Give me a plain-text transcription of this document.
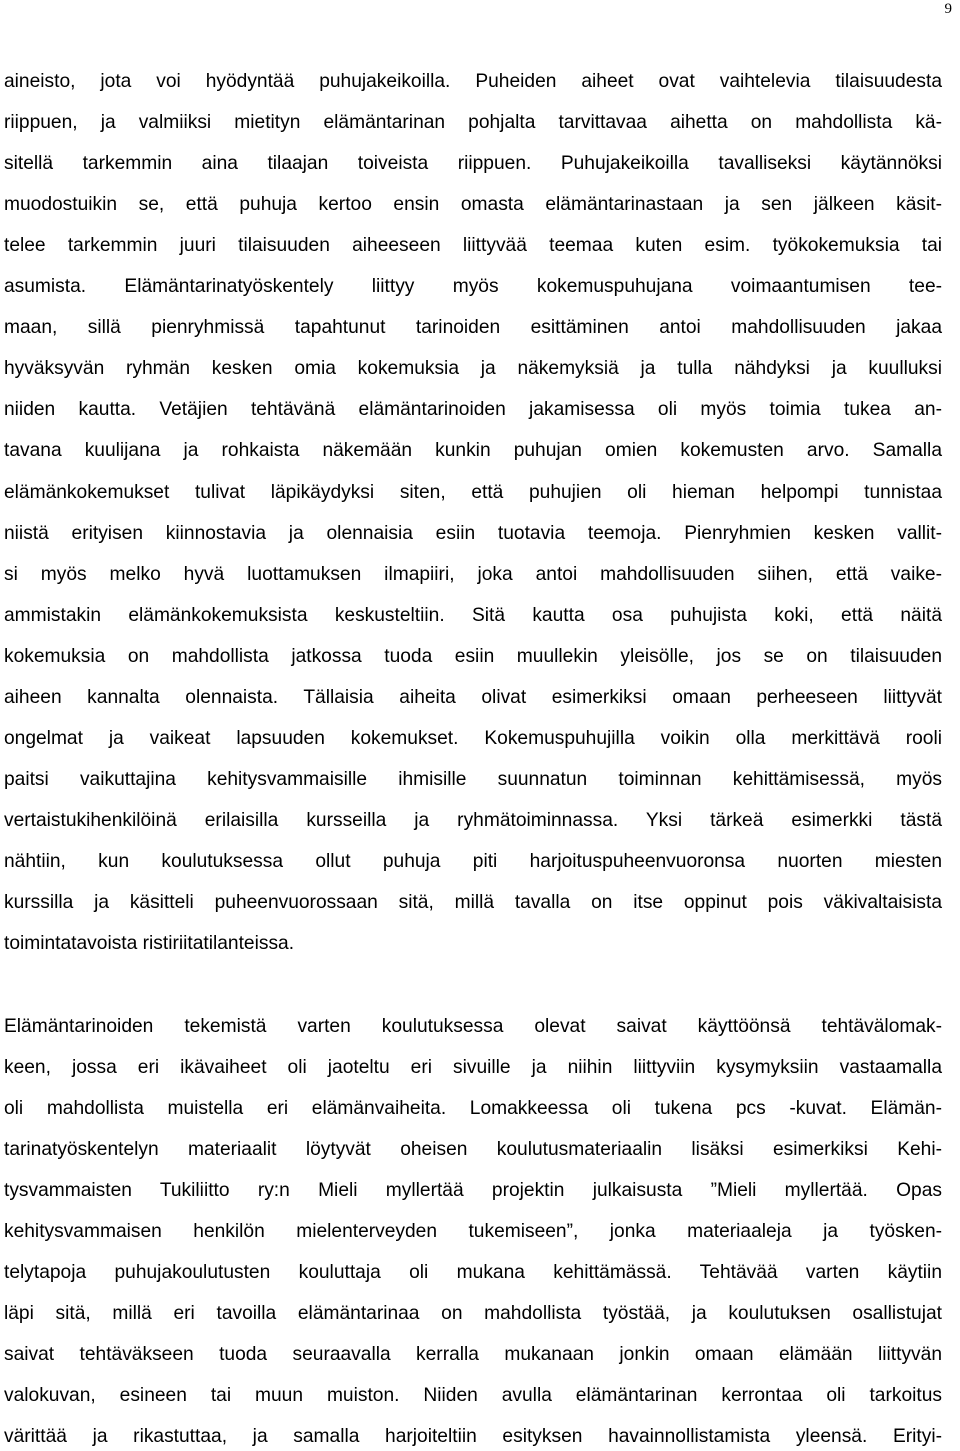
9
aineisto, jota voi hyödyntää puhujakeikoilla. Puheiden aiheet ovat vaihtelevia tilaisuudesta
riippuen, ja valmiiksi mietityn elämäntarinan pohjalta tarvittavaa aihetta on mahdollista kä-
sitellä tarkemmin aina tilaajan toiveista riippuen. Puhujakeikoilla tavalliseksi käytännöksi
muodostuikin se, että puhuja kertoo ensin omasta elämäntarinastaan ja sen jälkeen käsit-
telee tarkemmin juuri tilaisuuden aiheeseen liittyvää teemaa kuten esim. työkokemuksia tai
asumista. Elämäntarinatyöskentely liittyy myös kokemuspuhujana voimaantumisen tee-
maan, sillä pienryhmissä tapahtunut tarinoiden esittäminen antoi mahdollisuuden jakaa
hyväksyvän ryhmän kesken omia kokemuksia ja näkemyksiä ja tulla nähdyksi ja kuulluksi
niiden kautta. Vetäjien tehtävänä elämäntarinoiden jakamisessa oli myös toimia tukea an-
tavana kuulijana ja rohkaista näkemään kunkin puhujan omien kokemusten arvo. Samalla
elämänkokemukset tulivat läpikäydyksi siten, että puhujien oli hieman helpompi tunnistaa
niistä erityisen kiinnostavia ja olennaisia esiin tuotavia teemoja. Pienryhmien kesken vallit-
si myös melko hyvä luottamuksen ilmapiiri, joka antoi mahdollisuuden siihen, että vaike-
ammistakin elämänkokemuksista keskusteltiin. Sitä kautta osa puhujista koki, että näitä
kokemuksia on mahdollista jatkossa tuoda esiin muullekin yleisölle, jos se on tilaisuuden
aiheen kannalta olennaista. Tällaisia aiheita olivat esimerkiksi omaan perheeseen liittyvät
ongelmat ja vaikeat lapsuuden kokemukset. Kokemuspuhujilla voikin olla merkittävä rooli
paitsi vaikuttajina kehitysvammaisille ihmisille suunnatun toiminnan kehittämisessä, myös
vertaistukihenkilöinä erilaisilla kursseilla ja ryhmätoiminnassa. Yksi tärkeä esimerkki tästä
nähtiin, kun koulutuksessa ollut puhuja piti harjoituspuheenvuoronsa nuorten miesten
kurssilla ja käsitteli puheenvuorossaan sitä, millä tavalla on itse oppinut pois väkivaltaisista
toimintatavoista ristiriitatilanteissa.
Elämäntarinoiden tekemistä varten koulutuksessa olevat saivat käyttöönsä tehtävälomak-
keen, jossa eri ikävaiheet oli jaoteltu eri sivuille ja niihin liittyviin kysymyksiin vastaamalla
oli mahdollista muistella eri elämänvaiheita. Lomakkeessa oli tukena pcs -kuvat. Elämän-
tarinatyöskentelyn materiaalit löytyvät oheisen koulutusmateriaalin lisäksi esimerkiksi Kehi-
tysvammaisten Tukiliitto ry:n Mieli myllertää projektin julkaisusta ”Mieli myllertää. Opas
kehitysvammaisen henkilön mielenterveyden tukemiseen”, jonka materiaaleja ja työsken-
telytapoja puhujakoulutusten kouluttaja oli mukana kehittämässä. Tehtävää varten käytiin
läpi sitä, millä eri tavoilla elämäntarinaa on mahdollista työstää, ja koulutuksen osallistujat
saivat tehtäväkseen tuoda seuraavalla kerralla mukanaan jonkin omaan elämään liittyvän
valokuvan, esineen tai muun muiston. Niiden avulla elämäntarinan kerrontaa oli tarkoitus
värittää ja rikastuttaa, ja samalla harjoiteltiin esityksen havainnollistamista yleensä. Erityi-
